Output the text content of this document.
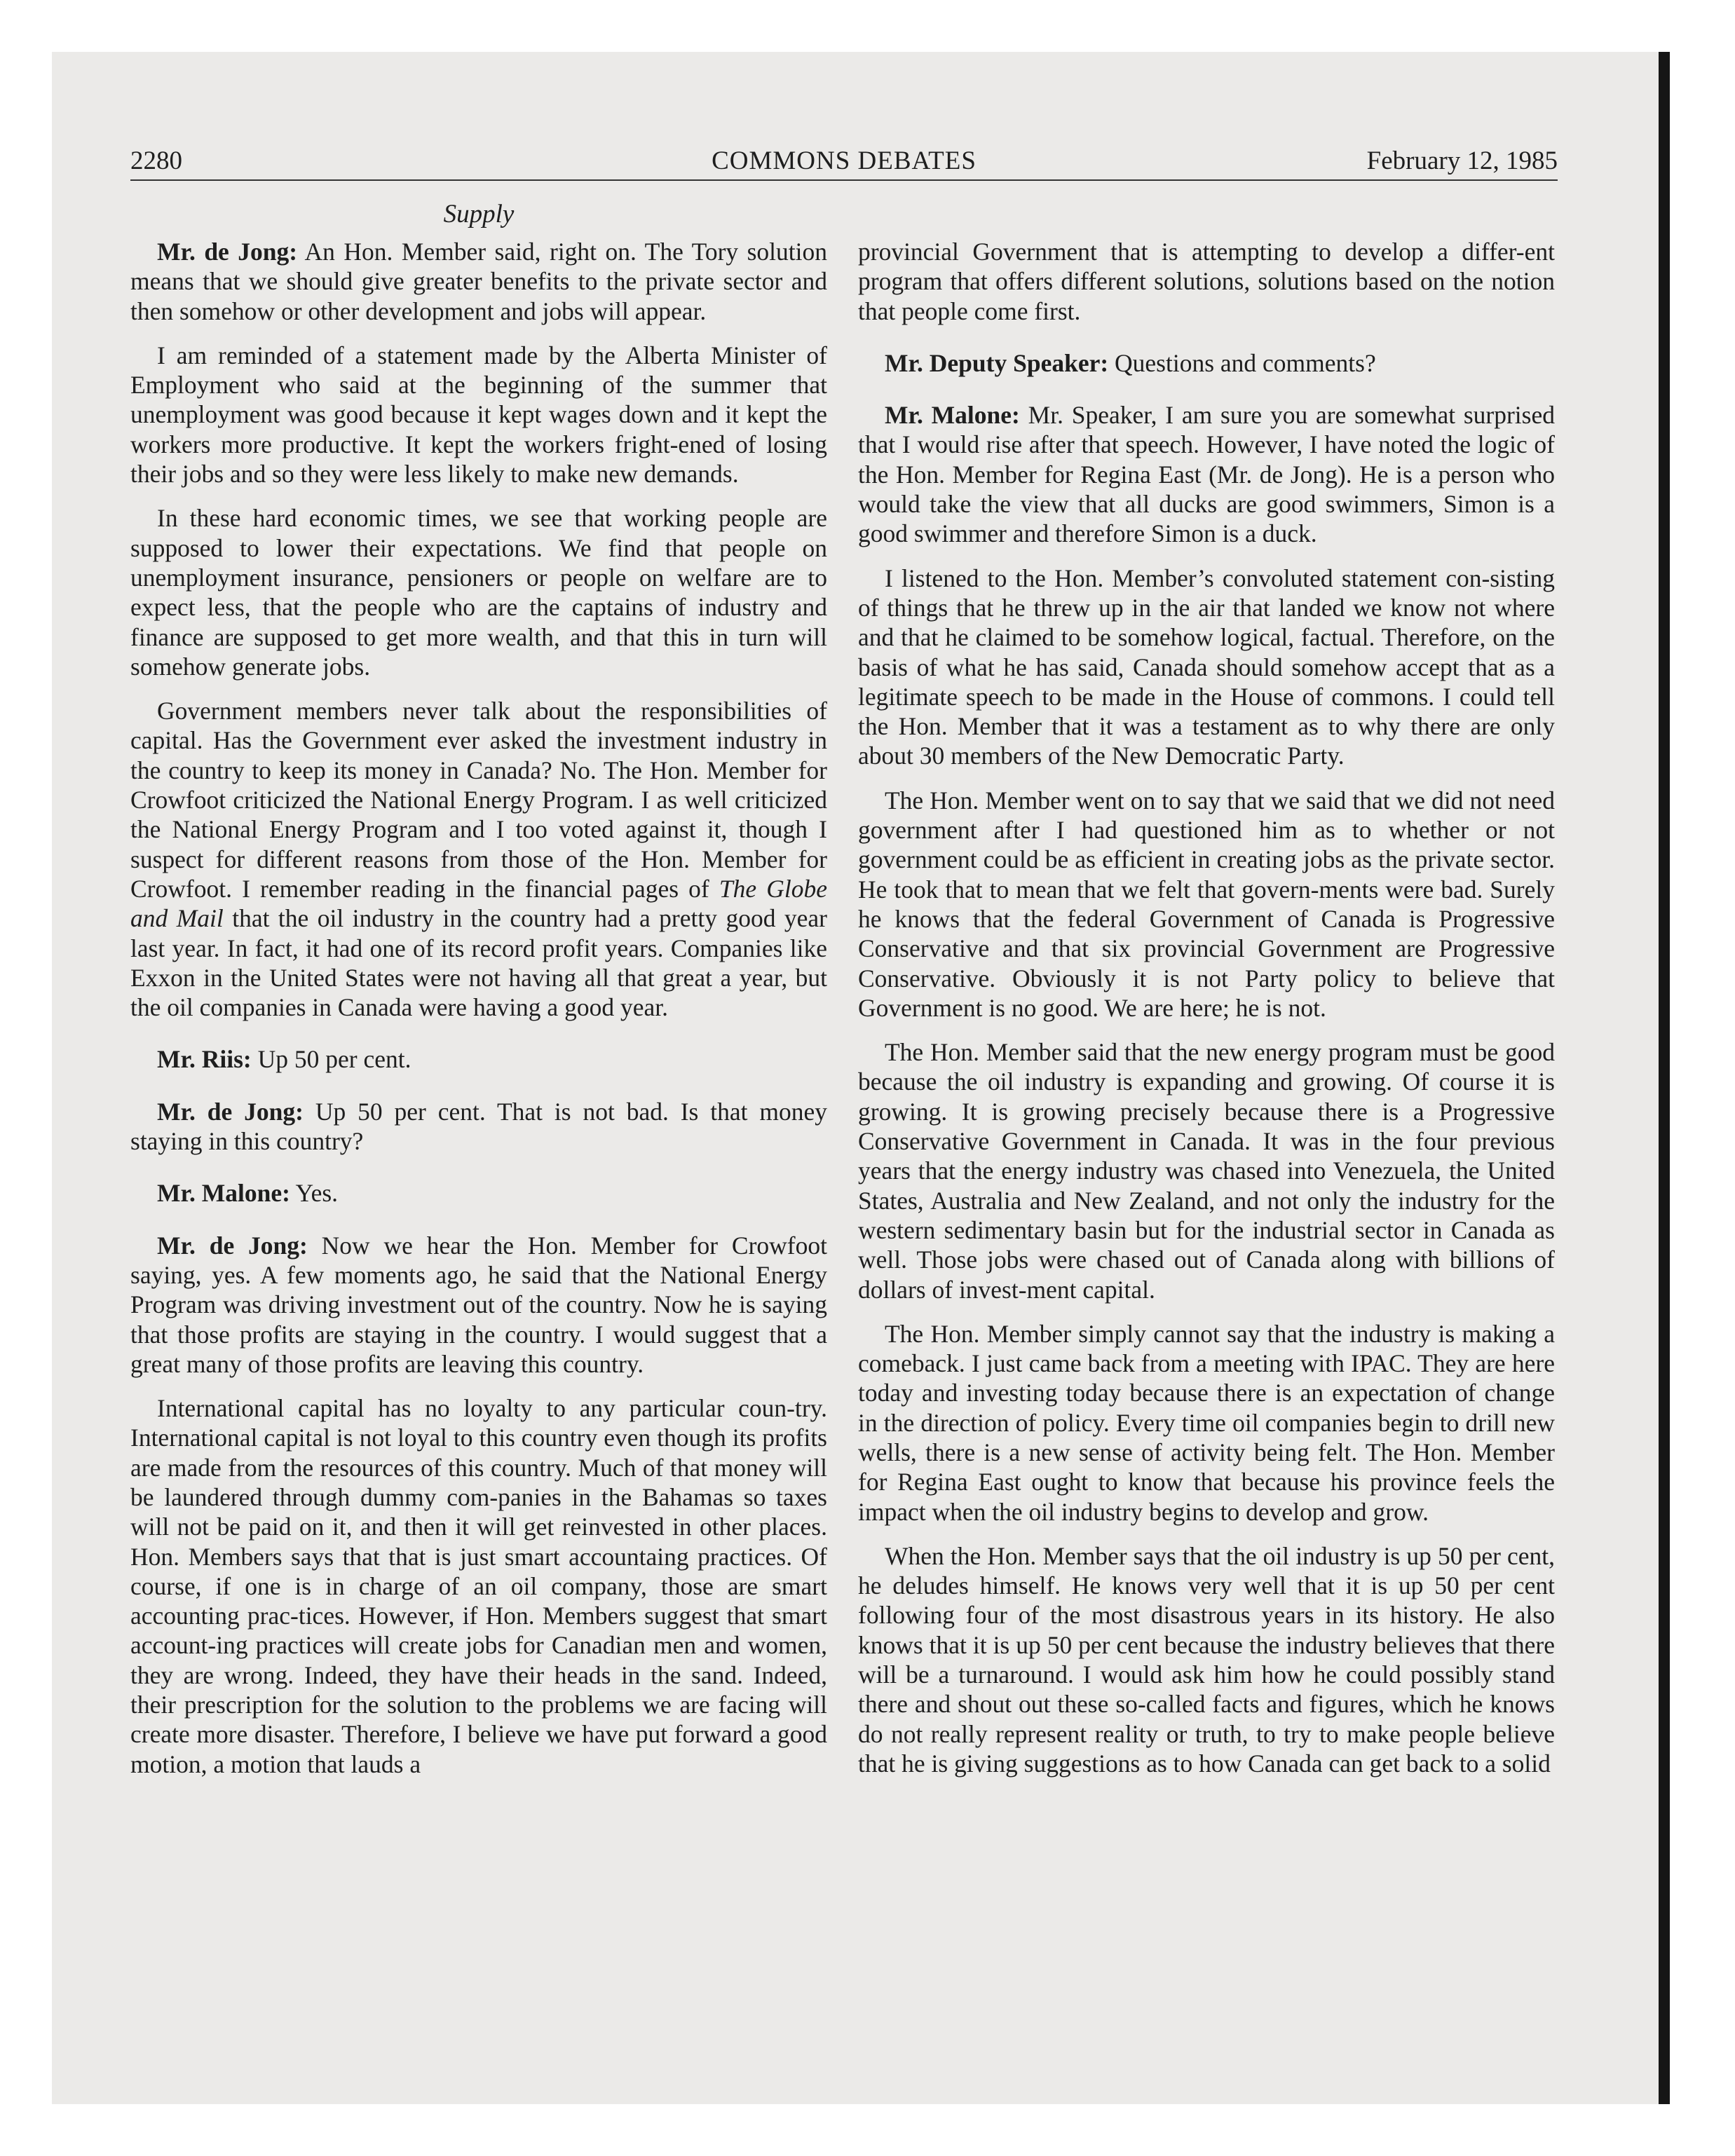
2280	COMMONS DEBATES	February 12, 1985
Supply

Mr. de Jong: An Hon. Member said, right on. The Tory solution means that we should give greater benefits to the private sector and then somehow or other development and jobs will appear.

I am reminded of a statement made by the Alberta Minister of Employment who said at the beginning of the summer that unemployment was good because it kept wages down and it kept the workers more productive. It kept the workers fright-ened of losing their jobs and so they were less likely to make new demands.

In these hard economic times, we see that working people are supposed to lower their expectations. We find that people on unemployment insurance, pensioners or people on welfare are to expect less, that the people who are the captains of industry and finance are supposed to get more wealth, and that this in turn will somehow generate jobs.

Government members never talk about the responsibilities of capital. Has the Government ever asked the investment industry in the country to keep its money in Canada? No. The Hon. Member for Crowfoot criticized the National Energy Program. I as well criticized the National Energy Program and I too voted against it, though I suspect for different reasons from those of the Hon. Member for Crowfoot. I remember reading in the financial pages of The Globe and Mail that the oil industry in the country had a pretty good year last year. In fact, it had one of its record profit years. Companies like Exxon in the United States were not having all that great a year, but the oil companies in Canada were having a good year.

Mr. Riis: Up 50 per cent.

Mr. de Jong: Up 50 per cent. That is not bad. Is that money staying in this country?

Mr. Malone: Yes.

Mr. de Jong: Now we hear the Hon. Member for Crowfoot saying, yes. A few moments ago, he said that the National Energy Program was driving investment out of the country. Now he is saying that those profits are staying in the country. I would suggest that a great many of those profits are leaving this country.

International capital has no loyalty to any particular coun-try. International capital is not loyal to this country even though its profits are made from the resources of this country. Much of that money will be laundered through dummy com-panies in the Bahamas so taxes will not be paid on it, and then it will get reinvested in other places. Hon. Members says that that is just smart accountaing practices. Of course, if one is in charge of an oil company, those are smart accounting prac-tices. However, if Hon. Members suggest that smart account-ing practices will create jobs for Canadian men and women, they are wrong. Indeed, they have their heads in the sand. Indeed, their prescription for the solution to the problems we are facing will create more disaster. Therefore, I believe we have put forward a good motion, a motion that lauds a

provincial Government that is attempting to develop a differ-ent program that offers different solutions, solutions based on the notion that people come first.

Mr. Deputy Speaker: Questions and comments?

Mr. Malone: Mr. Speaker, I am sure you are somewhat surprised that I would rise after that speech. However, I have noted the logic of the Hon. Member for Regina East (Mr. de Jong). He is a person who would take the view that all ducks are good swimmers, Simon is a good swimmer and therefore Simon is a duck.

I listened to the Hon. Member’s convoluted statement con-sisting of things that he threw up in the air that landed we know not where and that he claimed to be somehow logical, factual. Therefore, on the basis of what he has said, Canada should somehow accept that as a legitimate speech to be made in the House of commons. I could tell the Hon. Member that it was a testament as to why there are only about 30 members of the New Democratic Party.

The Hon. Member went on to say that we said that we did not need government after I had questioned him as to whether or not government could be as efficient in creating jobs as the private sector. He took that to mean that we felt that govern-ments were bad. Surely he knows that the federal Government of Canada is Progressive Conservative and that six provincial Government are Progressive Conservative. Obviously it is not Party policy to believe that Government is no good. We are here; he is not.

The Hon. Member said that the new energy program must be good because the oil industry is expanding and growing. Of course it is growing. It is growing precisely because there is a Progressive Conservative Government in Canada. It was in the four previous years that the energy industry was chased into Venezuela, the United States, Australia and New Zealand, and not only the industry for the western sedimentary basin but for the industrial sector in Canada as well. Those jobs were chased out of Canada along with billions of dollars of invest-ment capital.

The Hon. Member simply cannot say that the industry is making a comeback. I just came back from a meeting with IPAC. They are here today and investing today because there is an expectation of change in the direction of policy. Every time oil companies begin to drill new wells, there is a new sense of activity being felt. The Hon. Member for Regina East ought to know that because his province feels the impact when the oil industry begins to develop and grow.

When the Hon. Member says that the oil industry is up 50 per cent, he deludes himself. He knows very well that it is up 50 per cent following four of the most disastrous years in its history. He also knows that it is up 50 per cent because the industry believes that there will be a turnaround. I would ask him how he could possibly stand there and shout out these so-called facts and figures, which he knows do not really represent reality or truth, to try to make people believe that he is giving suggestions as to how Canada can get back to a solid
